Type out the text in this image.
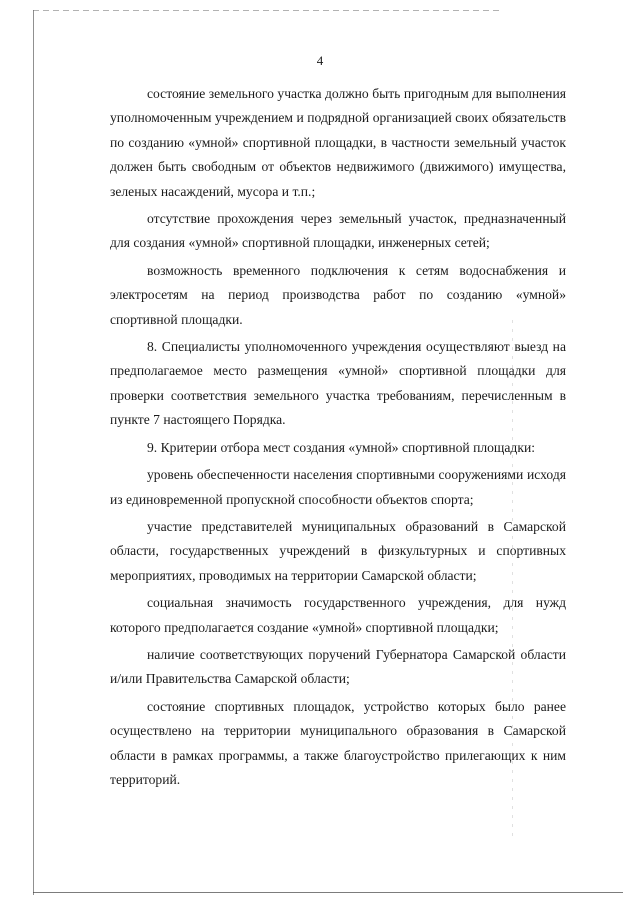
4

состояние земельного участка должно быть пригодным для выполнения уполномоченным учреждением и подрядной организацией своих обязательств по созданию «умной» спортивной площадки, в частности земельный участок должен быть свободным от объектов недвижимого (движимого) имущества, зеленых насаждений, мусора и т.п.;

отсутствие прохождения через земельный участок, предназначенный для создания «умной» спортивной площадки, инженерных сетей;

возможность временного подключения к сетям водоснабжения и электросетям на период производства работ по созданию «умной» спортивной площадки.

8. Специалисты уполномоченного учреждения осуществляют выезд на предполагаемое место размещения «умной» спортивной площадки для проверки соответствия земельного участка требованиям, перечисленным в пункте 7 настоящего Порядка.

9. Критерии отбора мест создания «умной» спортивной площадки:

уровень обеспеченности населения спортивными сооружениями исходя из единовременной пропускной способности объектов спорта;

участие представителей муниципальных образований в Самарской области, государственных учреждений в физкультурных и спортивных мероприятиях, проводимых на территории Самарской области;

социальная значимость государственного учреждения, для нужд которого предполагается создание «умной» спортивной площадки;

наличие соответствующих поручений Губернатора Самарской области и/или Правительства Самарской области;

состояние спортивных площадок, устройство которых было ранее осуществлено на территории муниципального образования в Самарской области в рамках программы, а также благоустройство прилегающих к ним территорий.
